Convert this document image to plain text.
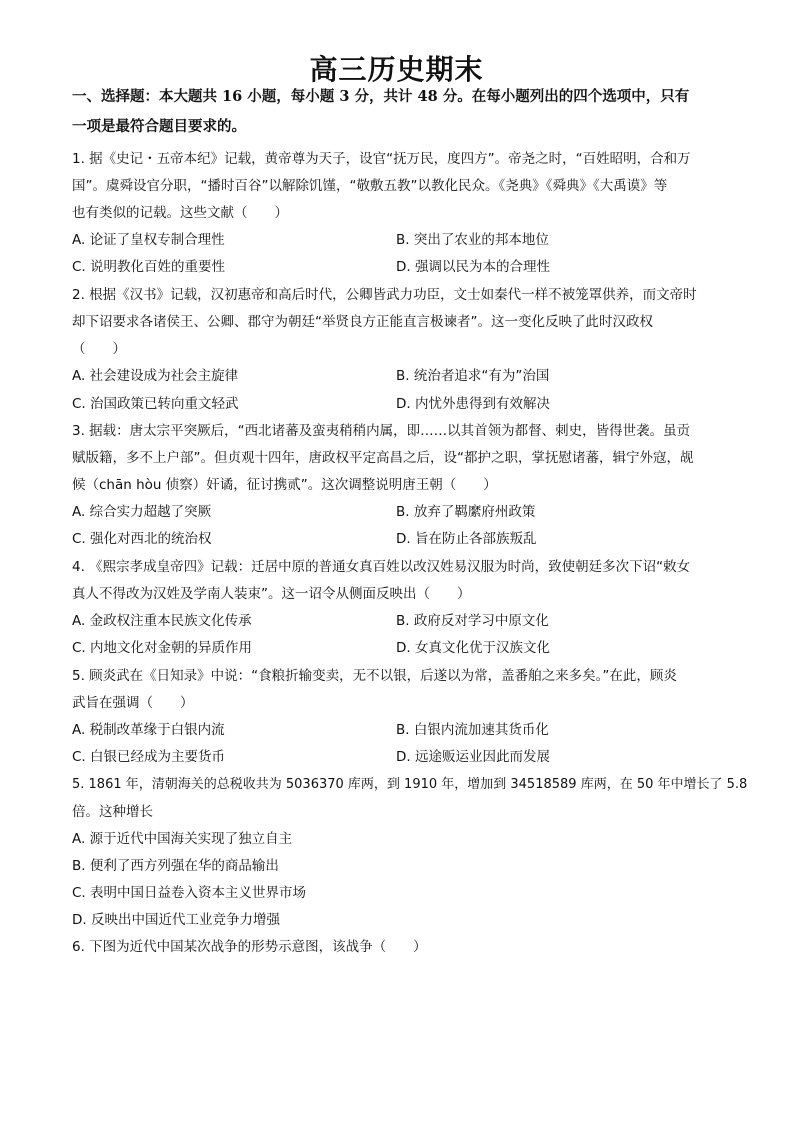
高三历史期末
一、选择题：本大题共 16 小题，每小题 3 分，共计 48 分。在每小题列出的四个选项中，只有
一项是最符合题目要求的。
1. 据《史记・五帝本纪》记载，黄帝尊为天子，设官“抚万民，度四方”。帝尧之时，“百姓昭明，合和万
国”。虞舜设官分职，“播时百谷”以解除饥馑，“敬敷五教”以教化民众。《尧典》《舜典》《大禹谟》等
也有类似的记载。这些文献（　　）
A. 论证了皇权专制合理性	B. 突出了农业的邦本地位
C. 说明教化百姓的重要性	D. 强调以民为本的合理性
2. 根据《汉书》记载，汉初惠帝和高后时代，公卿皆武力功臣，文士如秦代一样不被笼罩供养，而文帝时
却下诏要求各诸侯王、公卿、郡守为朝廷“举贤良方正能直言极谏者”。这一变化反映了此时汉政权
（　　）
A. 社会建设成为社会主旋律	B. 统治者追求“有为”治国
C. 治国政策已转向重文轻武	D. 内忧外患得到有效解决
3. 据载：唐太宗平突厥后，“西北诸蕃及蛮夷稍稍内属，即……以其首领为都督、刺史，皆得世袭。虽贡
赋版籍，多不上户部”。但贞观十四年，唐政权平定高昌之后，设“都护之职，掌抚慰诸蕃，辑宁外寇，觇
候（chān hòu 侦察）奸谲，征讨携贰”。这次调整说明唐王朝（　　）
A. 综合实力超越了突厥	B. 放弃了羁縻府州政策
C. 强化对西北的统治权	D. 旨在防止各部族叛乱
4. 《熙宗孝成皇帝四》记载：迁居中原的普通女真百姓以改汉姓易汉服为时尚，致使朝廷多次下诏“敕女
真人不得改为汉姓及学南人装束”。这一诏令从侧面反映出（　　）
A. 金政权注重本民族文化传承	B. 政府反对学习中原文化
C. 内地文化对金朝的异质作用	D. 女真文化优于汉族文化
5. 顾炎武在《日知录》中说：“食粮折输变卖，无不以银，后遂以为常，盖番舶之来多矣。”在此，顾炎
武旨在强调（　　）
A. 税制改革缘于白银内流	B. 白银内流加速其货币化
C. 白银已经成为主要货币	D. 远途贩运业因此而发展
5. 1861 年，清朝海关的总税收共为 5036370 库两，到 1910 年，增加到 34518589 库两，在 50 年中增长了 5.8
倍。这种增长
A. 源于近代中国海关实现了独立自主
B. 便利了西方列强在华的商品输出
C. 表明中国日益卷入资本主义世界市场
D. 反映出中国近代工业竞争力增强
6. 下图为近代中国某次战争的形势示意图，该战争（　　）
